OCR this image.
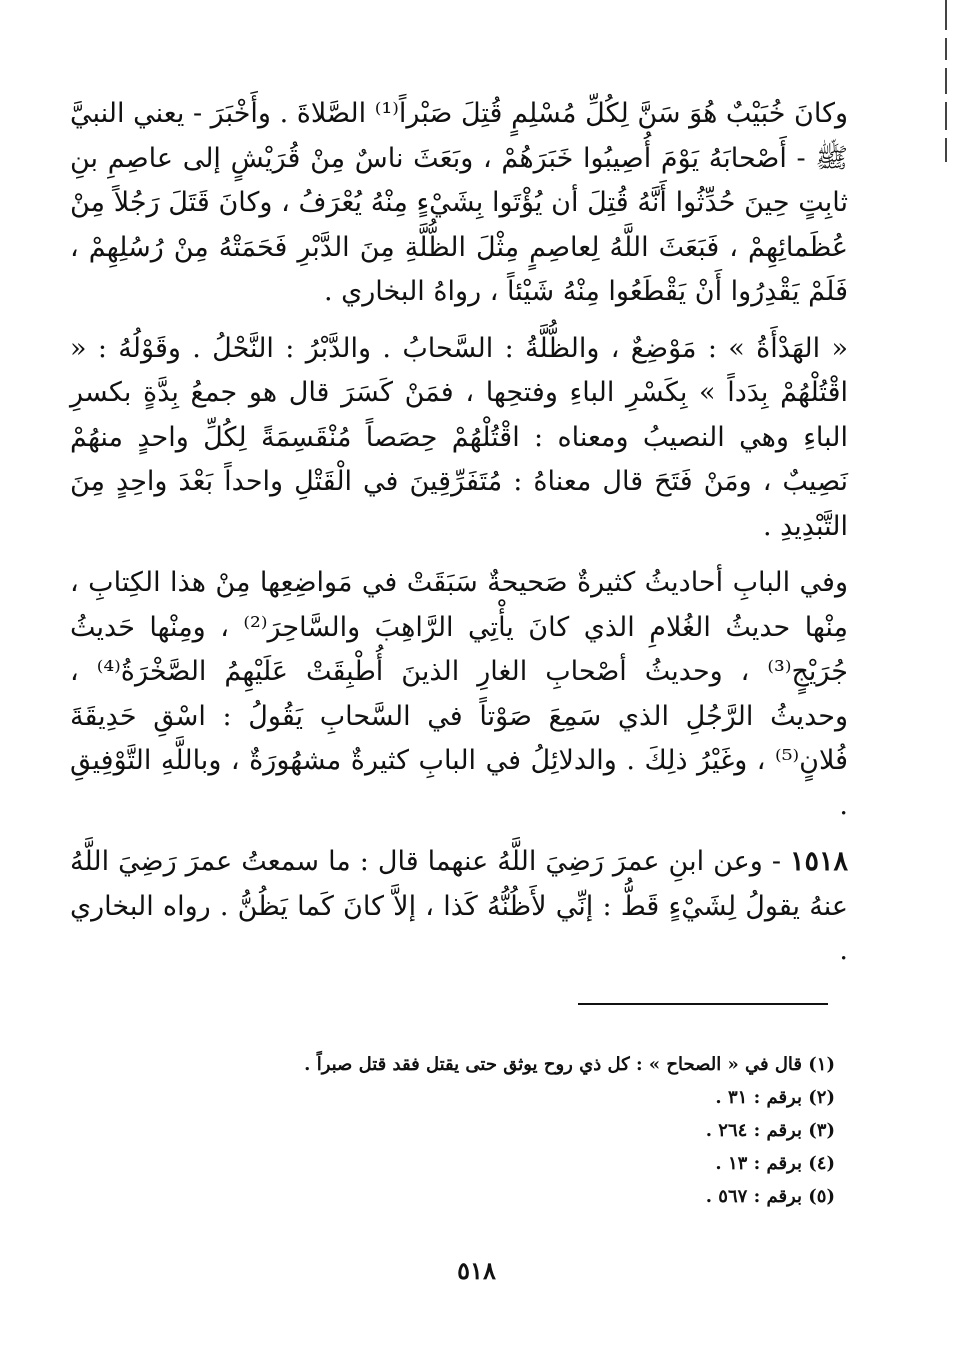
وكانَ خُبَيْبٌ هُوَ سَنَّ لِكُلِّ مُسْلِمٍ قُتِلَ صَبْراً⁽¹⁾ الصَّلاةَ . وأَخْبَرَ - يعني النبيَّ ﷺ - أَصْحابَهُ يَوْمَ أُصِيبُوا خَبَرَهُمْ ، وبَعَثَ ناسٌ مِنْ قُرَيْشٍ إلى عاصِمِ بنِ ثابِتٍ حِينَ حُدِّثُوا أَنَّهُ قُتِلَ أن يُؤْتَوا بِشَيْءٍ مِنْهُ يُعْرَفُ ، وكانَ قَتَلَ رَجُلاً مِنْ عُظَمائِهِمْ ، فَبَعَثَ اللَّهُ لِعاصِمٍ مِثْلَ الظُّلَّةِ مِنَ الدَّبْرِ فَحَمَتْهُ مِنْ رُسُلِهِمْ ، فَلَمْ يَقْدِرُوا أَنْ يَقْطَعُوا مِنْهُ شَيْئاً ، رواهُ البخاري .

« الهَدْأَةُ » : مَوْضِعٌ ، والظُّلَّةُ : السَّحابُ . والدَّبْرُ : النَّحْلُ . وقَوْلُهُ : « اقْتُلْهُمْ بِدَداً » بِكَسْرِ الباءِ وفتحِها ، فمَنْ كَسَرَ قال هو جمعُ بِدَّةٍ بكسرِ الباءِ وهي النصيبُ ومعناه : اقْتُلْهُمْ حِصَصاً مُنْقَسِمَةً لِكُلِّ واحدٍ منهُمْ نَصِيبٌ ، ومَنْ فَتَحَ قال معناهُ : مُتَفَرِّقِينَ في الْقَتْلِ واحداً بَعْدَ واحِدٍ مِنَ التَّبْدِيدِ .

وفي البابِ أحاديثُ كثيرةٌ صَحيحةٌ سَبَقَتْ في مَواضِعِها مِنْ هذا الكِتابِ ، مِنْها حديثُ الغُلامِ الذي كانَ يأْتِي الرَّاهِبَ والسَّاحِرَ⁽²⁾ ، ومِنْها حَديثُ جُرَيْجٍ⁽³⁾ ، وحديثُ أصْحابِ الغارِ الذينَ أُطْبِقَتْ عَلَيْهِمُ الصَّخْرَةُ⁽⁴⁾ ، وحديثُ الرَّجُلِ الذي سَمِعَ صَوْتاً في السَّحابِ يَقُولُ : اسْقِ حَدِيقَةَ فُلانٍ⁽⁵⁾ ، وغَيْرُ ذلِكَ . والدلائِلُ في البابِ كثيرةٌ مشهُورَةٌ ، وباللَّهِ التَّوْفِيقِ .

١٥١٨ - وعن ابنِ عمرَ رَضِيَ اللَّهُ عنهما قال : ما سمعتُ عمرَ رَضِيَ اللَّهُ عنهُ يقولُ لِشَيْءٍ قَطُّ : إنِّي لأَظُنُّهُ كَذا ، إلاَّ كانَ كَما يَظُنُّ . رواه البخاري .

(١) قال في « الصحاح » : كل ذي روح يوثق حتى يقتل فقد قتل صبراً .

(٢) برقم : ٣١ .

(٣) برقم : ٢٦٤ .

(٤) برقم : ١٣ .

(٥) برقم : ٥٦٧ .

٥١٨
